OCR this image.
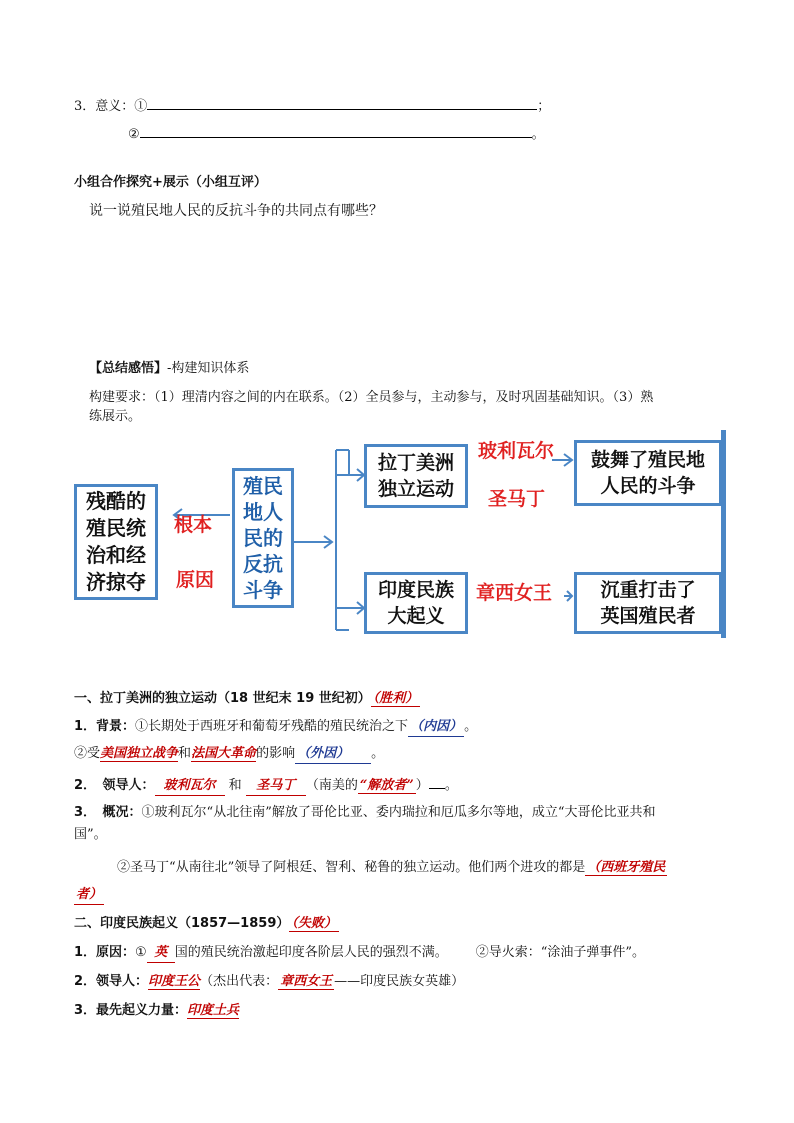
3．意义：①	；
②	。
小组合作探究+展示（小组互评）
说一说殖民地人民的反抗斗争的共同点有哪些？
【总结感悟】-构建知识体系
构建要求：（1）理清内容之间的内在联系。（2）全员参与，主动参与，及时巩固基础知识。（3）熟
练展示。
残酷的
殖民统
治和经
济掠夺
根本
原因
殖民
地人
民的
反抗
斗争
拉丁美洲
独立运动
玻利瓦尔
圣马丁
鼓舞了殖民地
人民的斗争
印度民族
大起义
章西女王	沉重打击了
英国殖民者
一、拉丁美洲的独立运动（18 世纪末 19 世纪初） （胜利）
1．背景：①长期处于西班牙和葡萄牙残酷的殖民统治之下 （内因） 。
②受美国独立战争和法国大革命的影响 （外因） 。
2．　领导人： 玻利瓦尔 和 圣马丁 （南美的 “解放者” ） 。
3．　概况：①玻利瓦尔“从北往南”解放了哥伦比亚、委内瑞拉和厄瓜多尔等地，成立“大哥伦比亚共和
国”。
②圣马丁“从南往北”领导了阿根廷、智利、秘鲁的独立运动。他们两个进攻的都是 （西班牙殖民
者）
二、印度民族起义（1857—1859） （失败）
1．原因：① 英 国的殖民统治激起印度各阶层人民的强烈不满。 ②导火索：“涂油子弹事件”。
2．领导人：印度王公（杰出代表： 章西女王 ——印度民族女英雄）
3．最先起义力量：印度土兵
